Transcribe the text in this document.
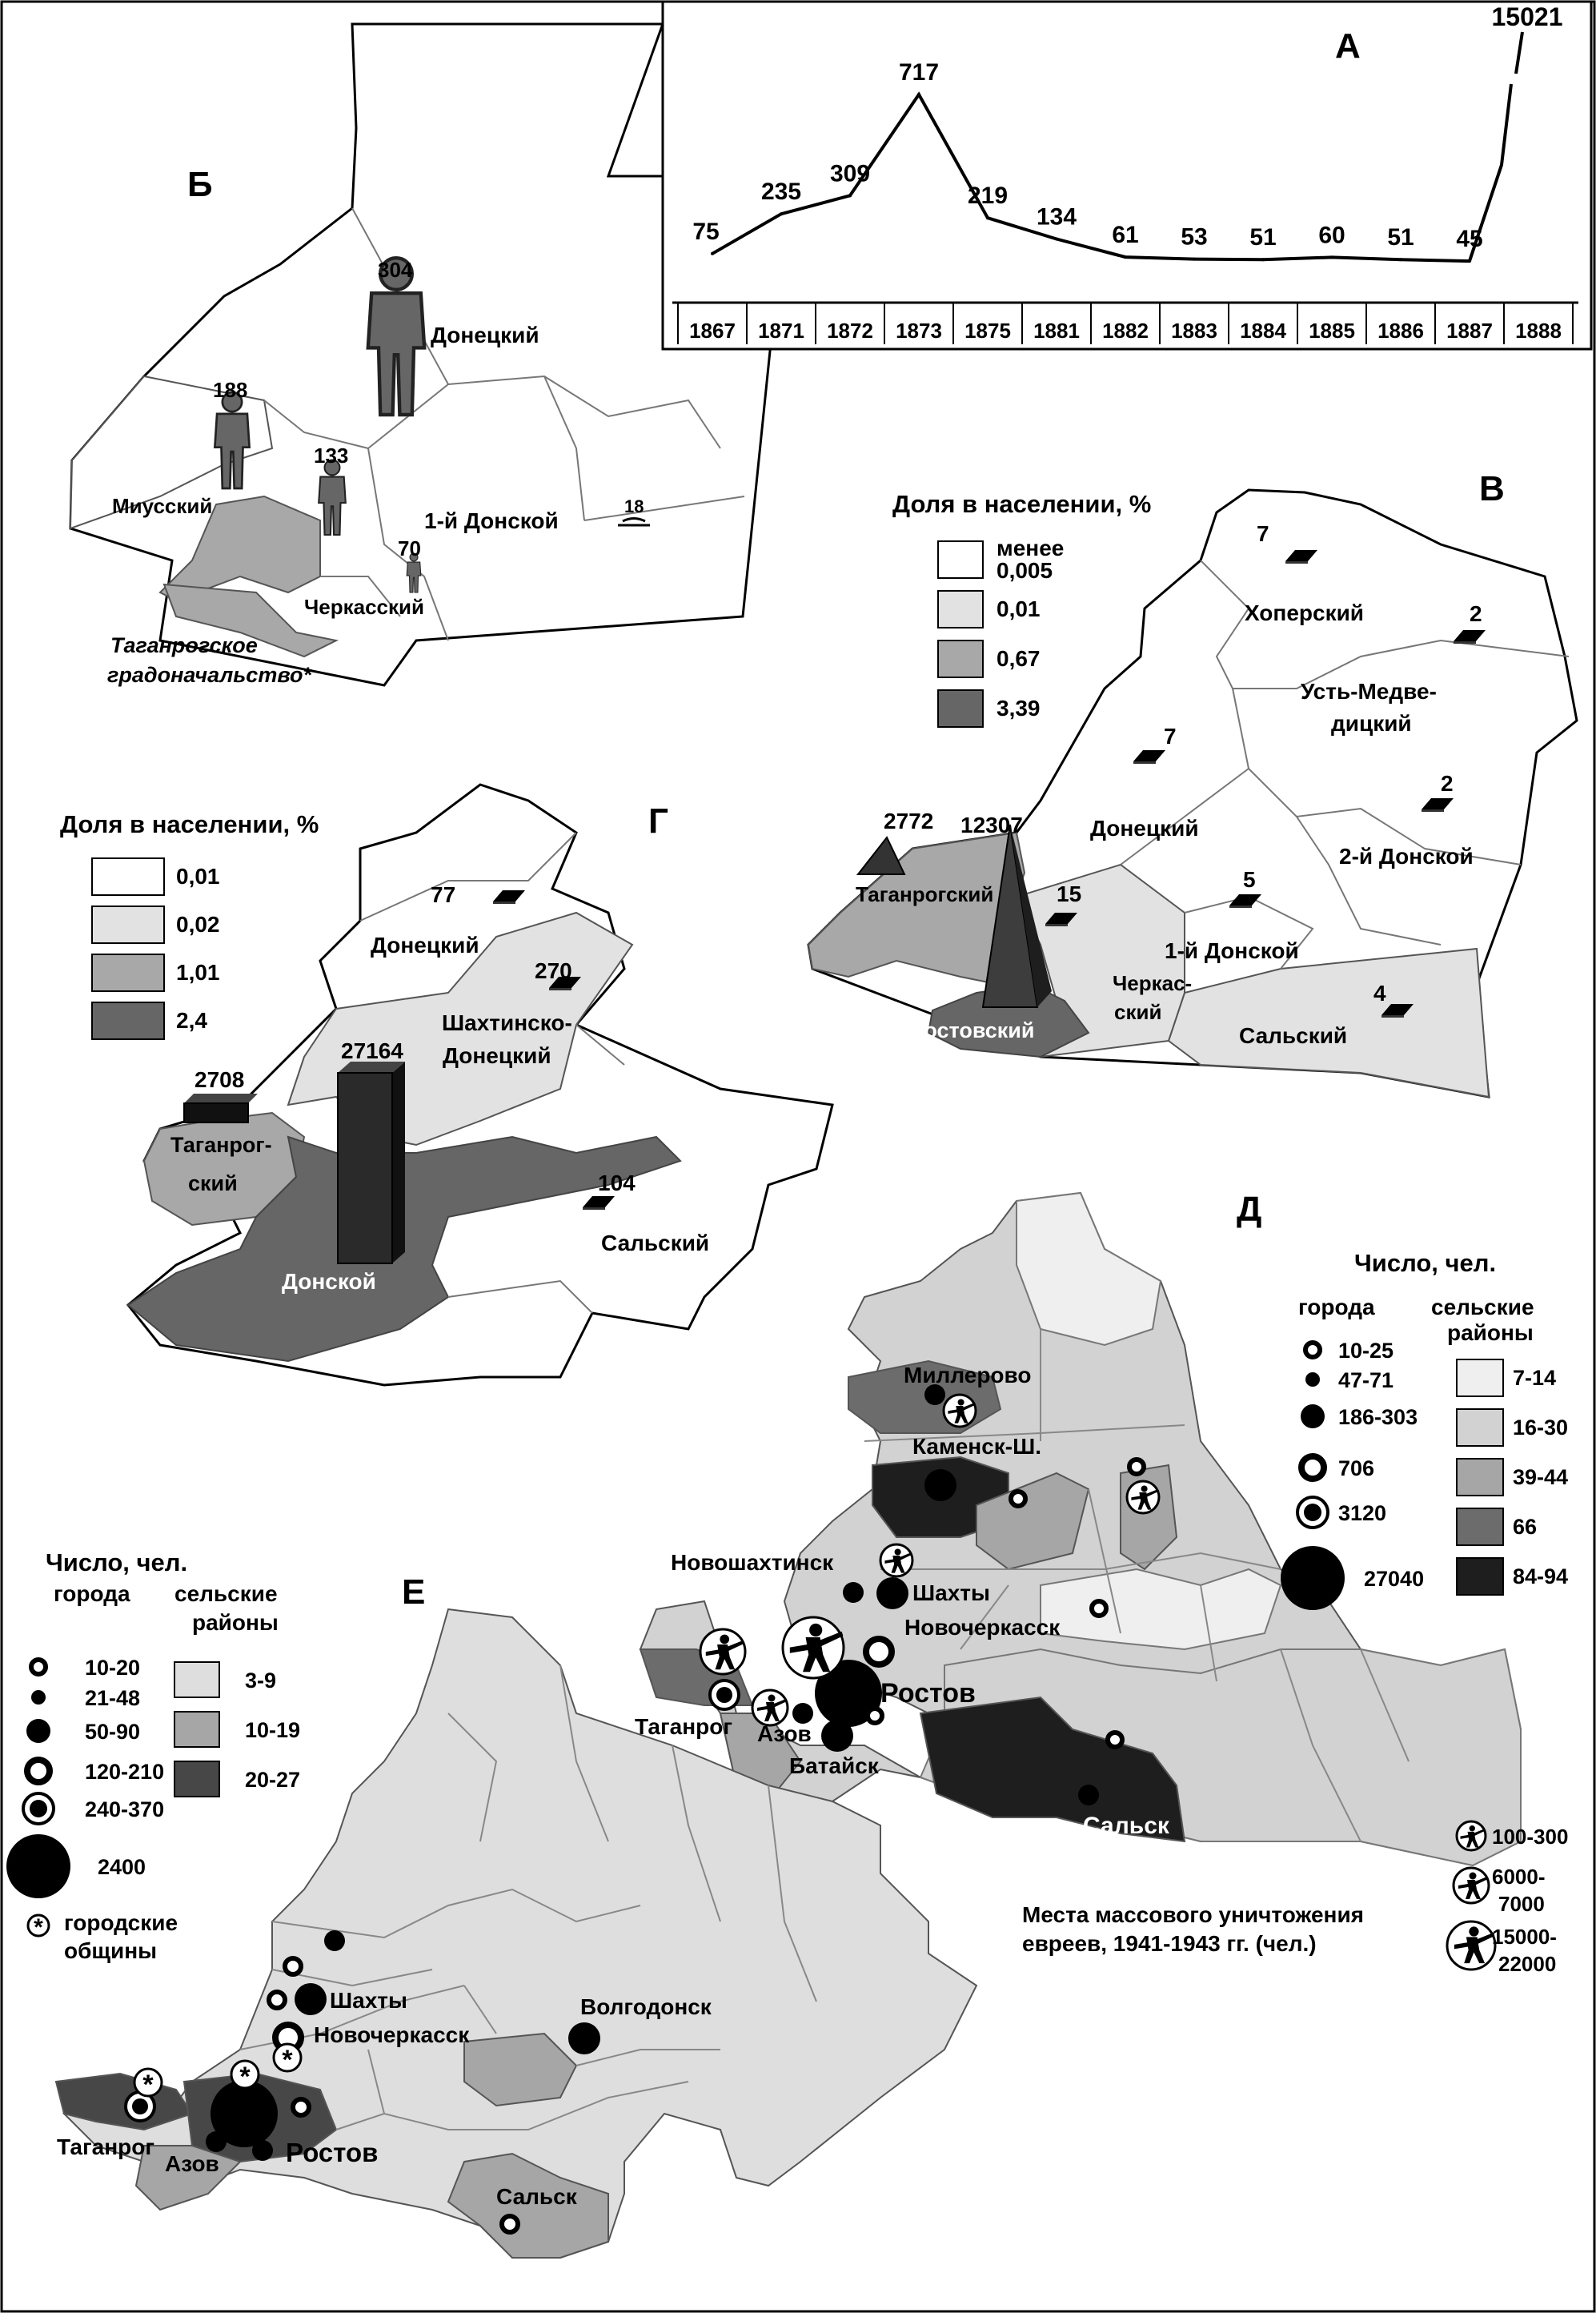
1867 1871 1872 1873 1875 1881 1882 1883 1884 1885 1886 1887 1888
75
235
309
717
219
134
61 53 51 60 51 45
15021
А
Б
304
Донецкий
188
133
70
Миусский
1-й Донской
Черкасский
18
Таганрогское
градоначальство*
В
Доля в населении, %
менее
0,005
0,01
0,67
3,39
7
Хоперский	2
Усть-Медве-
дицкий
7
Донецкий
2
2-й Донской
5
1-й Донской
15
Черкас-
ский
4
Сальский
2772
Таганрогский
12307
Ростовский
Г
Доля в населении, %
0,01
0,02
1,01
2,4
77
Донецкий
270
Шахтинско-
Донецкий
27164
Донской
2708
Таганрог-
ский	104
Сальский
Д
Число, чел.
города	сельские
районы
10-25
47-71
186-303
706
3120
27040
7-14
16-30
39-44
66
84-94
Миллерово
Каменск-Ш.
Новошахтинск
Шахты
Новочеркасск
Ростов
Таганрог Азов
Батайск
Сальск
Места массового уничтожения
евреев, 1941-1943 гг. (чел.)
100-300
6000-
7000
15000-
22000
*	*
*
Е
Число, чел.
города сельские
районы
10-20
21-48
50-90
120-210
240-370
2400
3-9
10-19
20-27
* городские
общины
Шахты
Новочеркасск
Волгодонск
Таганрог
Азов	Ростов
Сальск
